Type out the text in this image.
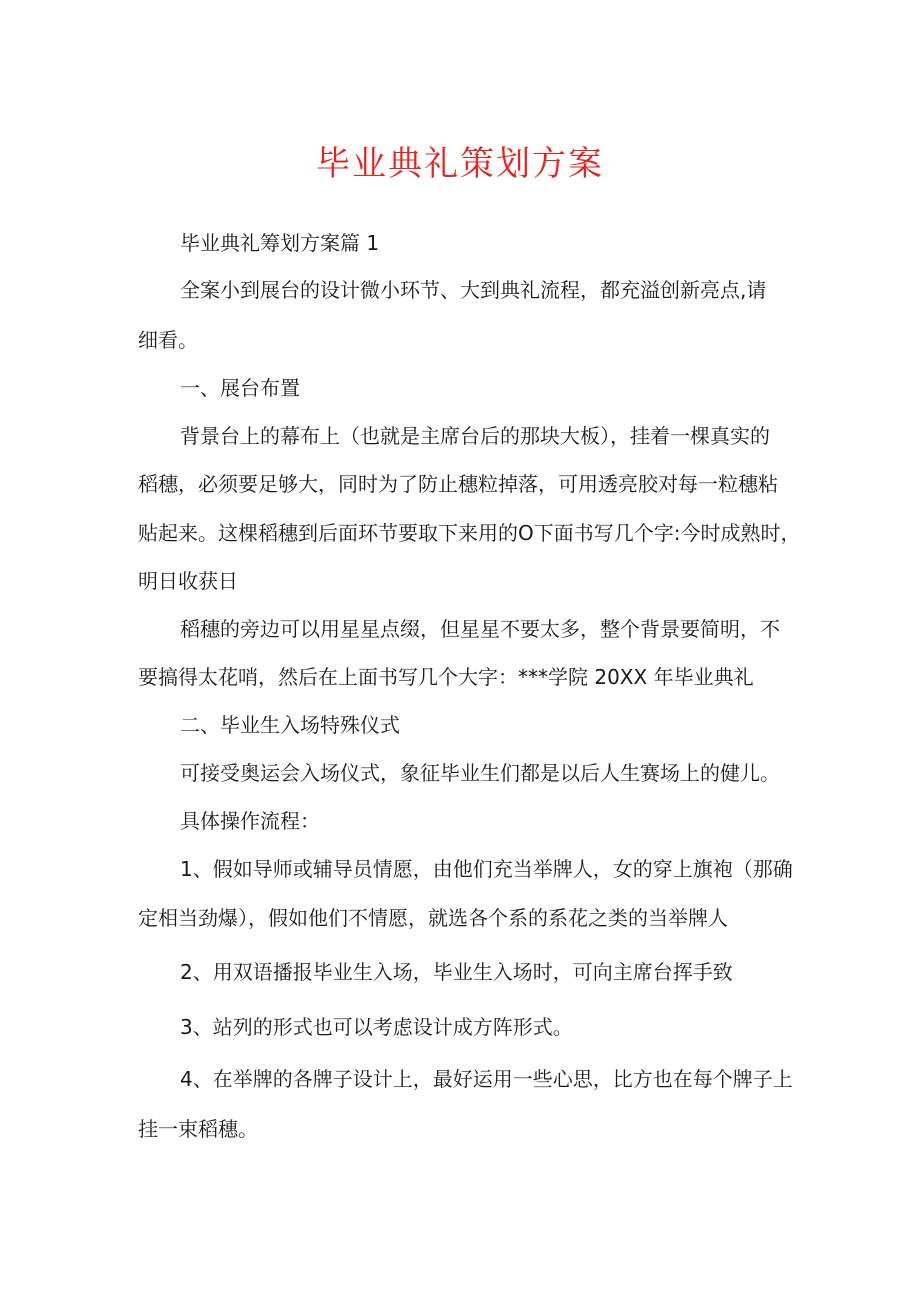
毕业典礼策划方案
毕业典礼筹划方案篇 1
全案小到展台的设计微小环节、大到典礼流程，都充溢创新亮点,请
细看。
一、展台布置
背景台上的幕布上（也就是主席台后的那块大板），挂着一棵真实的
稻穗，必须要足够大，同时为了防止穗粒掉落，可用透亮胶对每一粒穗粘
贴起来。这棵稻穗到后面环节要取下来用的O下面书写几个字:今时成熟时，
明日收获日
稻穗的旁边可以用星星点缀，但星星不要太多，整个背景要简明，不
要搞得太花哨，然后在上面书写几个大字：***学院 20XX 年毕业典礼
二、毕业生入场特殊仪式
可接受奥运会入场仪式，象征毕业生们都是以后人生赛场上的健儿。
具体操作流程：
1、假如导师或辅导员情愿，由他们充当举牌人，女的穿上旗袍（那确
定相当劲爆），假如他们不情愿，就选各个系的系花之类的当举牌人
2、用双语播报毕业生入场，毕业生入场时，可向主席台挥手致
3、站列的形式也可以考虑设计成方阵形式。
4、在举牌的各牌子设计上，最好运用一些心思，比方也在每个牌子上
挂一束稻穗。
